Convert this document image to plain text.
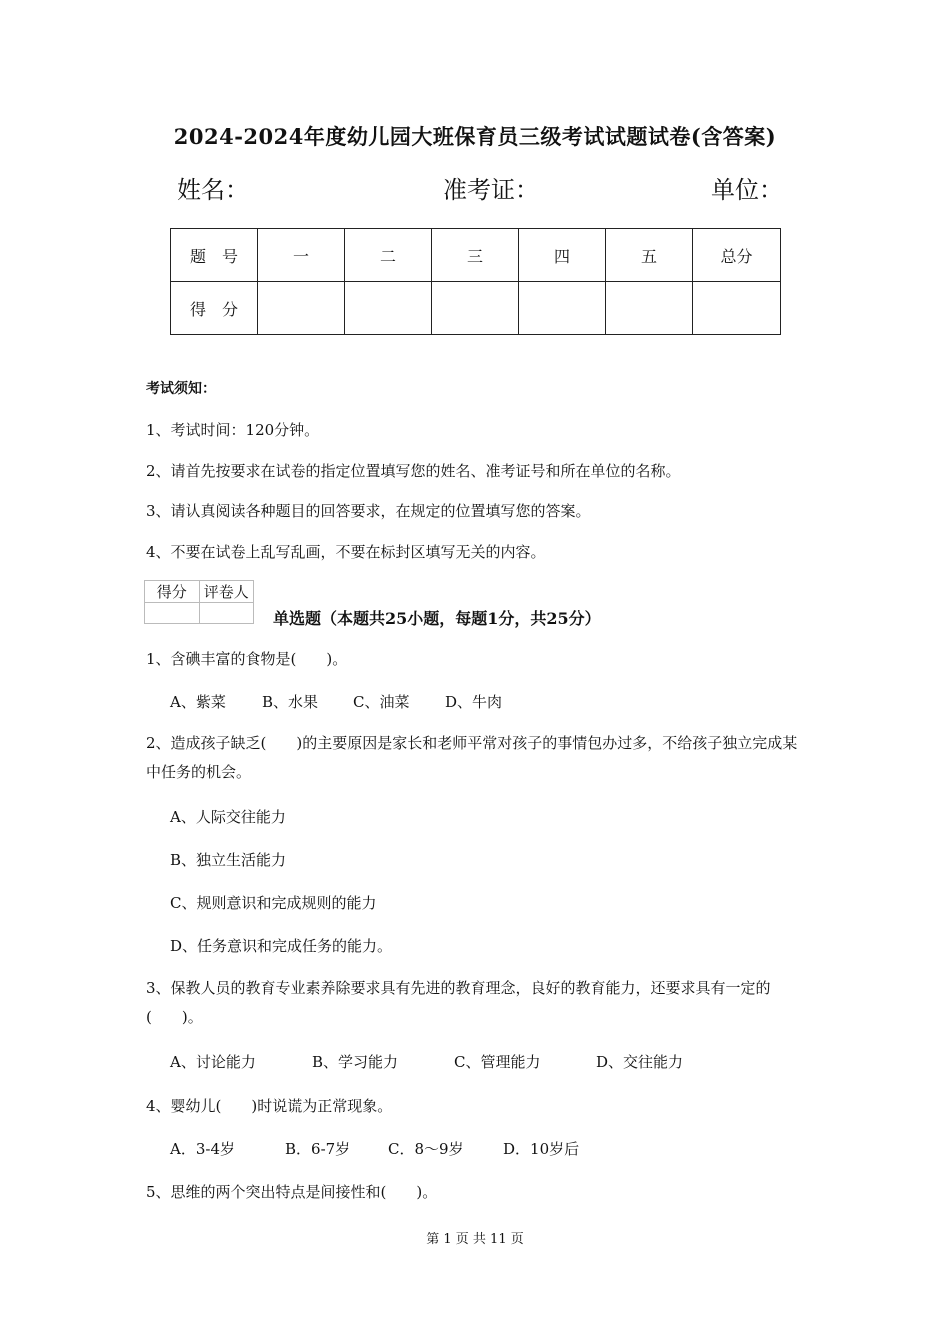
2024-2024年度幼儿园大班保育员三级考试试题试卷(含答案)
姓名：	准考证：	单位：
题　号	一	二	三	四	五	总分
得　分						
考试须知：
1、考试时间：120分钟。
2、请首先按要求在试卷的指定位置填写您的姓名、准考证号和所在单位的名称。
3、请认真阅读各种题目的回答要求，在规定的位置填写您的答案。
4、不要在试卷上乱写乱画，不要在标封区填写无关的内容。
得分	评卷人

单选题（本题共25小题，每题1分，共25分）
1、含碘丰富的食物是(　　)。
A、紫菜 B、水果 C、油菜 D、牛肉
2、造成孩子缺乏(　　)的主要原因是家长和老师平常对孩子的事情包办过多，不给孩子独立完成某中任务的机会。
A、人际交往能力
B、独立生活能力
C、规则意识和完成规则的能力
D、任务意识和完成任务的能力。
3、保教人员的教育专业素养除要求具有先进的教育理念，良好的教育能力，还要求具有一定的(　　)。
A、讨论能力	B、学习能力	C、管理能力	D、交往能力
4、婴幼儿(　　)时说谎为正常现象。
A．3-4岁	B．6-7岁	C．8～9岁	D．10岁后
5、思维的两个突出特点是间接性和(　　)。
第 1 页 共 11 页
